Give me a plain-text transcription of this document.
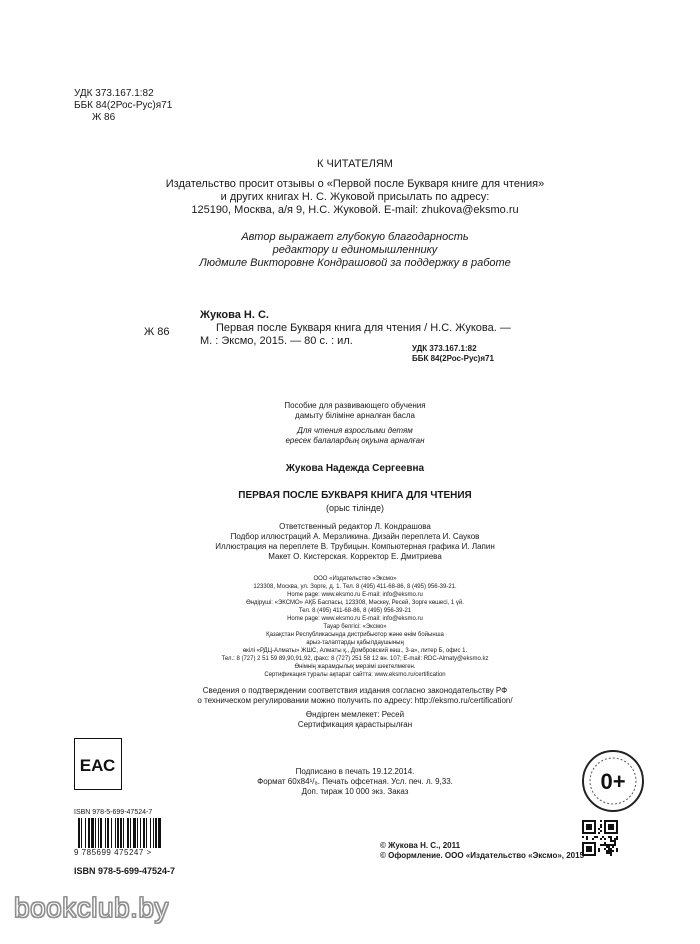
УДК 373.167.1:82
ББК 84(2Рос-Рус)я71
Ж 86
К ЧИТАТЕЛЯМ
Издательство просит отзывы о «Первой после Букваря книге для чтения»
и других книгах Н. С. Жуковой присылать по адресу:
125190, Москва, а/я 9, Н.С. Жуковой. E-mail: zhukova@eksmo.ru
Автор выражает глубокую благодарность
редактору и единомышленнику
Людмиле Викторовне Кондрашовой за поддержку в работе
Ж 86
Жукова Н. С.
Первая после Букваря книга для чтения / Н.С. Жукова. —
М. : Эксмо, 2015. — 80 с. : ил.
УДК 373.167.1:82
ББК 84(2Рос-Рус)я71
Пособие для развивающего обучения
дамыту біліміне арналған басла
Для чтения взрослыми детям
ересек балалардың оқуына арналған
Жукова Надежда Сергеевна
ПЕРВАЯ ПОСЛЕ БУКВАРЯ КНИГА ДЛЯ ЧТЕНИЯ
(орыс тілінде)
Ответственный редактор Л. Кондрашова
Подбор иллюстраций А. Мерзликина. Дизайн переплета И. Сауков
Иллюстрация на переплете В. Трубицын. Компьютерная графика И. Лапин
Макет О. Кистерская. Корректор Е. Дмитриева
ООО «Издательство «Эксмо»
123308, Москва, ул. Зорге, д. 1. Тел. 8 (495) 411-68-86, 8 (495) 956-39-21.
Home page: www.eksmo.ru E-mail: info@eksmo.ru
Өндіруші: «ЭКСМО» АҚБ Баспасы, 123308, Мәскеу, Ресей, Зорге көшесі, 1 үй.
Тел. 8 (495) 411-68-86, 8 (495) 956-39-21
Home page: www.eksmo.ru E-mail: info@eksmo.ru
Тауар белгісі: «Эксмо»
Қазақстан Республикасында дистрибьютор және өнім бойынша
арыз-талаптарды қабылдаушының
өкілі «РДЦ-Алматы» ЖШС, Алматы қ., Домбровский көш., 3-а», литер Б, офис 1.
Тел.: 8 (727) 2 51 59 89,90,91,92, факс: 8 (727) 251 58 12 вн. 107; E-mail: RDC-Almaty@eksmo.kz
Өнімнің жарамдылық мерзімі шектелмеген.
Сертификация туралы ақпарат сайтта: www.eksmo.ru/certification
Сведения о подтверждении соответствия издания согласно законодательству РФ
о техническом регулировании можно получить по адресу: http://eksmo.ru/certification/
Өндірген мемлекет: Ресей
Сертификация қарастырылған
ЕАС	Подписано в печать 19.12.2014.
Формат 60x84¹/₈. Печать офсетная. Усл. печ. л. 9,33.
Доп. тираж 10 000 экз. Заказ	0+
ISBN 978-5-699-47524-7
9 785699 475247 >
ISBN 978-5-699-47524-7
© Жукова Н. С., 2011
© Оформление. ООО «Издательство «Эксмо», 2015
bookclub.by
